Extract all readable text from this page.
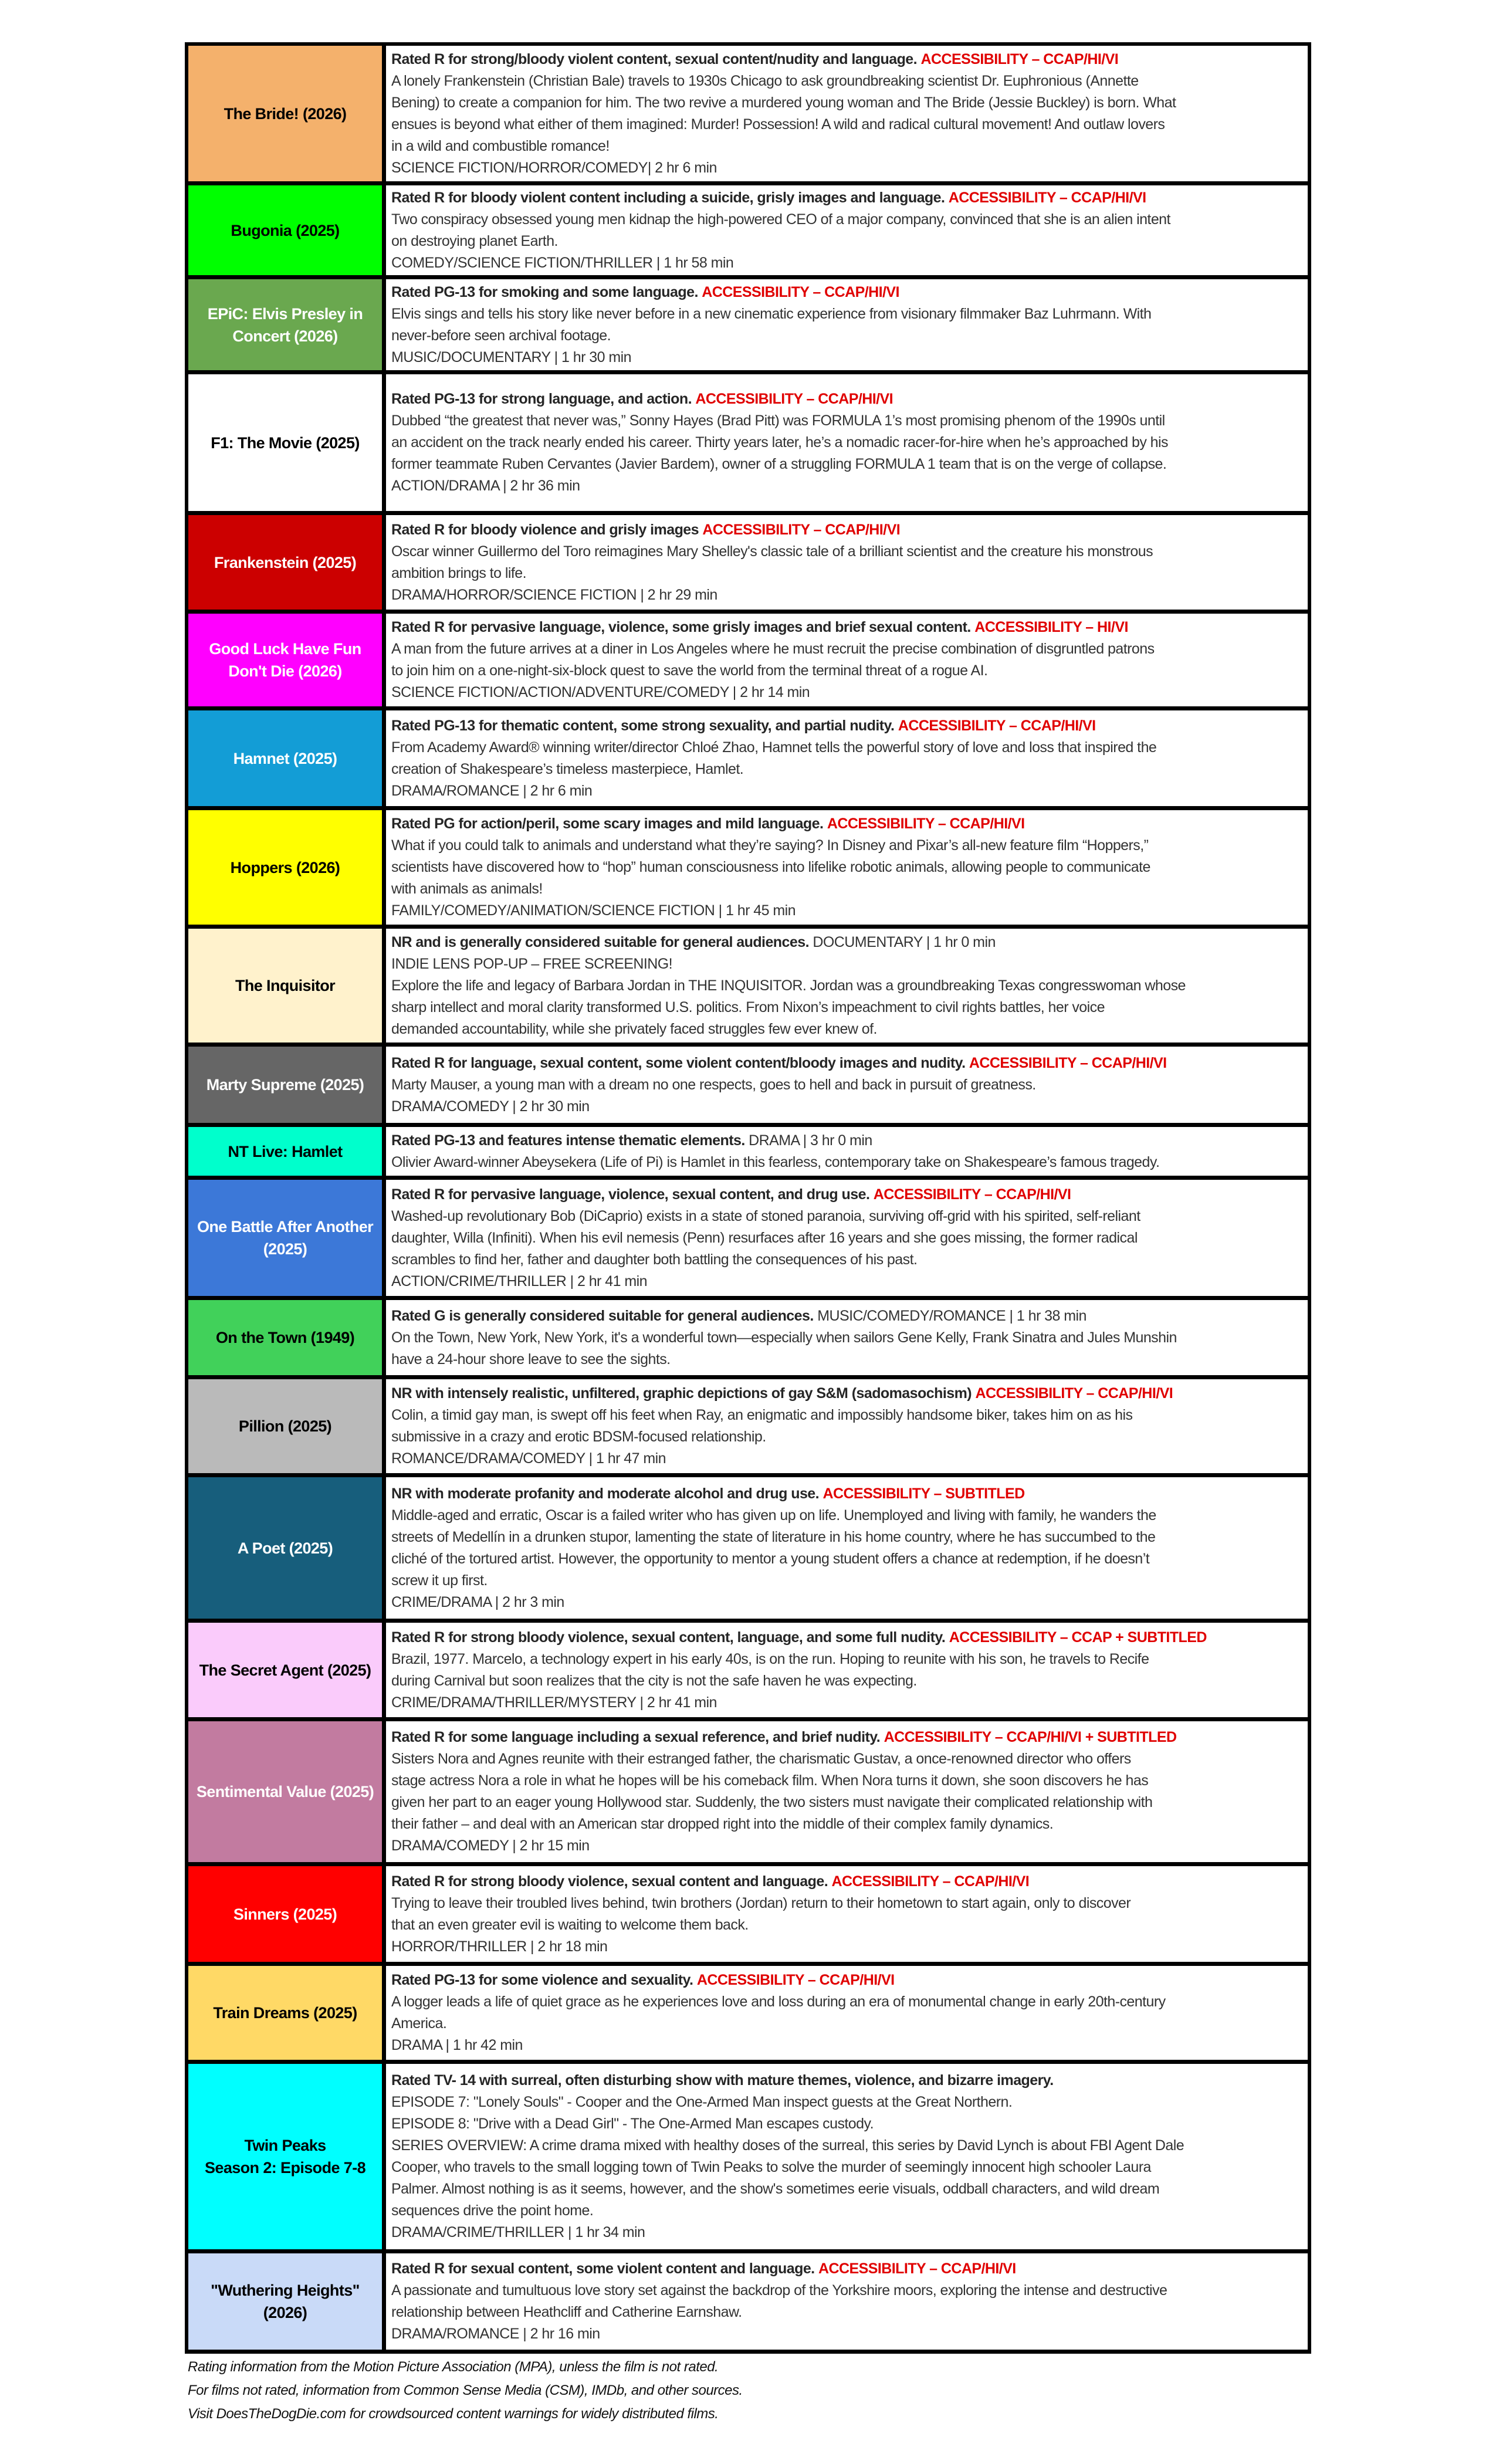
The Bride! (2026)
Rated R for strong/bloody violent content, sexual content/nudity and language. ACCESSIBILITY – CCAP/HI/VI
A lonely Frankenstein (Christian Bale) travels to 1930s Chicago to ask groundbreaking scientist Dr. Euphronious (Annette
Bening) to create a companion for him. The two revive a murdered young woman and The Bride (Jessie Buckley) is born. What
ensues is beyond what either of them imagined: Murder! Possession! A wild and radical cultural movement! And outlaw lovers
in a wild and combustible romance!
SCIENCE FICTION/HORROR/COMEDY| 2 hr 6 min
Bugonia (2025)
Rated R for bloody violent content including a suicide, grisly images and language. ACCESSIBILITY – CCAP/HI/VI
Two conspiracy obsessed young men kidnap the high-powered CEO of a major company, convinced that she is an alien intent
on destroying planet Earth.
COMEDY/SCIENCE FICTION/THRILLER | 1 hr 58 min
EPiC: Elvis Presley in Concert (2026)
Rated PG-13 for smoking and some language. ACCESSIBILITY – CCAP/HI/VI
Elvis sings and tells his story like never before in a new cinematic experience from visionary filmmaker Baz Luhrmann. With
never-before seen archival footage.
MUSIC/DOCUMENTARY | 1 hr 30 min
F1: The Movie (2025)
Rated PG-13 for strong language, and action. ACCESSIBILITY – CCAP/HI/VI
Dubbed “the greatest that never was,” Sonny Hayes (Brad Pitt) was FORMULA 1’s most promising phenom of the 1990s until
an accident on the track nearly ended his career. Thirty years later, he’s a nomadic racer-for-hire when he’s approached by his
former teammate Ruben Cervantes (Javier Bardem), owner of a struggling FORMULA 1 team that is on the verge of collapse.
ACTION/DRAMA | 2 hr 36 min
Frankenstein (2025)
Rated R for bloody violence and grisly images ACCESSIBILITY – CCAP/HI/VI
Oscar winner Guillermo del Toro reimagines Mary Shelley's classic tale of a brilliant scientist and the creature his monstrous
ambition brings to life.
DRAMA/HORROR/SCIENCE FICTION | 2 hr 29 min
Good Luck Have Fun Don't Die (2026)
Rated R for pervasive language, violence, some grisly images and brief sexual content. ACCESSIBILITY – HI/VI
A man from the future arrives at a diner in Los Angeles where he must recruit the precise combination of disgruntled patrons
to join him on a one-night-six-block quest to save the world from the terminal threat of a rogue AI.
SCIENCE FICTION/ACTION/ADVENTURE/COMEDY | 2 hr 14 min
Hamnet (2025)
Rated PG-13 for thematic content, some strong sexuality, and partial nudity. ACCESSIBILITY – CCAP/HI/VI
From Academy Award® winning writer/director Chloé Zhao, Hamnet tells the powerful story of love and loss that inspired the
creation of Shakespeare’s timeless masterpiece, Hamlet.
DRAMA/ROMANCE | 2 hr 6 min
Hoppers (2026)
Rated PG for action/peril, some scary images and mild language. ACCESSIBILITY – CCAP/HI/VI
What if you could talk to animals and understand what they’re saying? In Disney and Pixar’s all-new feature film “Hoppers,”
scientists have discovered how to “hop” human consciousness into lifelike robotic animals, allowing people to communicate
with animals as animals!
FAMILY/COMEDY/ANIMATION/SCIENCE FICTION | 1 hr 45 min
The Inquisitor
NR and is generally considered suitable for general audiences. DOCUMENTARY | 1 hr 0 min
INDIE LENS POP-UP – FREE SCREENING!
Explore the life and legacy of Barbara Jordan in THE INQUISITOR. Jordan was a groundbreaking Texas congresswoman whose
sharp intellect and moral clarity transformed U.S. politics. From Nixon’s impeachment to civil rights battles, her voice
demanded accountability, while she privately faced struggles few ever knew of.
Marty Supreme (2025)
Rated R for language, sexual content, some violent content/bloody images and nudity. ACCESSIBILITY – CCAP/HI/VI
Marty Mauser, a young man with a dream no one respects, goes to hell and back in pursuit of greatness.
DRAMA/COMEDY | 2 hr 30 min
NT Live: Hamlet
Rated PG-13 and features intense thematic elements. DRAMA | 3 hr 0 min
Olivier Award-winner Abeysekera (Life of Pi) is Hamlet in this fearless, contemporary take on Shakespeare’s famous tragedy.
One Battle After Another (2025)
Rated R for pervasive language, violence, sexual content, and drug use. ACCESSIBILITY – CCAP/HI/VI
Washed-up revolutionary Bob (DiCaprio) exists in a state of stoned paranoia, surviving off-grid with his spirited, self-reliant
daughter, Willa (Infiniti). When his evil nemesis (Penn) resurfaces after 16 years and she goes missing, the former radical
scrambles to find her, father and daughter both battling the consequences of his past.
ACTION/CRIME/THRILLER | 2 hr 41 min
On the Town (1949)
Rated G is generally considered suitable for general audiences. MUSIC/COMEDY/ROMANCE | 1 hr 38 min
On the Town, New York, New York, it's a wonderful town—especially when sailors Gene Kelly, Frank Sinatra and Jules Munshin
have a 24-hour shore leave to see the sights.
Pillion (2025)
NR with intensely realistic, unfiltered, graphic depictions of gay S&M (sadomasochism) ACCESSIBILITY – CCAP/HI/VI
Colin, a timid gay man, is swept off his feet when Ray, an enigmatic and impossibly handsome biker, takes him on as his
submissive in a crazy and erotic BDSM-focused relationship.
ROMANCE/DRAMA/COMEDY | 1 hr 47 min
A Poet (2025)
NR with moderate profanity and moderate alcohol and drug use. ACCESSIBILITY – SUBTITLED
Middle-aged and erratic, Oscar is a failed writer who has given up on life. Unemployed and living with family, he wanders the
streets of Medellín in a drunken stupor, lamenting the state of literature in his home country, where he has succumbed to the
cliché of the tortured artist. However, the opportunity to mentor a young student offers a chance at redemption, if he doesn’t
screw it up first.
CRIME/DRAMA | 2 hr 3 min
The Secret Agent (2025)
Rated R for strong bloody violence, sexual content, language, and some full nudity. ACCESSIBILITY – CCAP + SUBTITLED
Brazil, 1977. Marcelo, a technology expert in his early 40s, is on the run. Hoping to reunite with his son, he travels to Recife
during Carnival but soon realizes that the city is not the safe haven he was expecting.
CRIME/DRAMA/THRILLER/MYSTERY | 2 hr 41 min
Sentimental Value (2025)
Rated R for some language including a sexual reference, and brief nudity. ACCESSIBILITY – CCAP/HI/VI + SUBTITLED
Sisters Nora and Agnes reunite with their estranged father, the charismatic Gustav, a once-renowned director who offers
stage actress Nora a role in what he hopes will be his comeback film. When Nora turns it down, she soon discovers he has
given her part to an eager young Hollywood star. Suddenly, the two sisters must navigate their complicated relationship with
their father – and deal with an American star dropped right into the middle of their complex family dynamics.
DRAMA/COMEDY | 2 hr 15 min
Sinners (2025)
Rated R for strong bloody violence, sexual content and language. ACCESSIBILITY – CCAP/HI/VI
Trying to leave their troubled lives behind, twin brothers (Jordan) return to their hometown to start again, only to discover
that an even greater evil is waiting to welcome them back.
HORROR/THRILLER | 2 hr 18 min
Train Dreams (2025)
Rated PG-13 for some violence and sexuality. ACCESSIBILITY – CCAP/HI/VI
A logger leads a life of quiet grace as he experiences love and loss during an era of monumental change in early 20th-century
America.
DRAMA | 1 hr 42 min
Twin Peaks
Season 2: Episode 7-8
Rated TV- 14 with surreal, often disturbing show with mature themes, violence, and bizarre imagery.
EPISODE 7: "Lonely Souls" - Cooper and the One-Armed Man inspect guests at the Great Northern.
EPISODE 8: "Drive with a Dead Girl" - The One-Armed Man escapes custody.
SERIES OVERVIEW: A crime drama mixed with healthy doses of the surreal, this series by David Lynch is about FBI Agent Dale
Cooper, who travels to the small logging town of Twin Peaks to solve the murder of seemingly innocent high schooler Laura
Palmer. Almost nothing is as it seems, however, and the show's sometimes eerie visuals, oddball characters, and wild dream
sequences drive the point home.
DRAMA/CRIME/THRILLER | 1 hr 34 min
"Wuthering Heights" (2026)
Rated R for sexual content, some violent content and language. ACCESSIBILITY – CCAP/HI/VI
A passionate and tumultuous love story set against the backdrop of the Yorkshire moors, exploring the intense and destructive
relationship between Heathcliff and Catherine Earnshaw.
DRAMA/ROMANCE | 2 hr 16 min
Rating information from the Motion Picture Association (MPA), unless the film is not rated.
For films not rated, information from Common Sense Media (CSM), IMDb, and other sources.
Visit DoesTheDogDie.com for crowdsourced content warnings for widely distributed films.
